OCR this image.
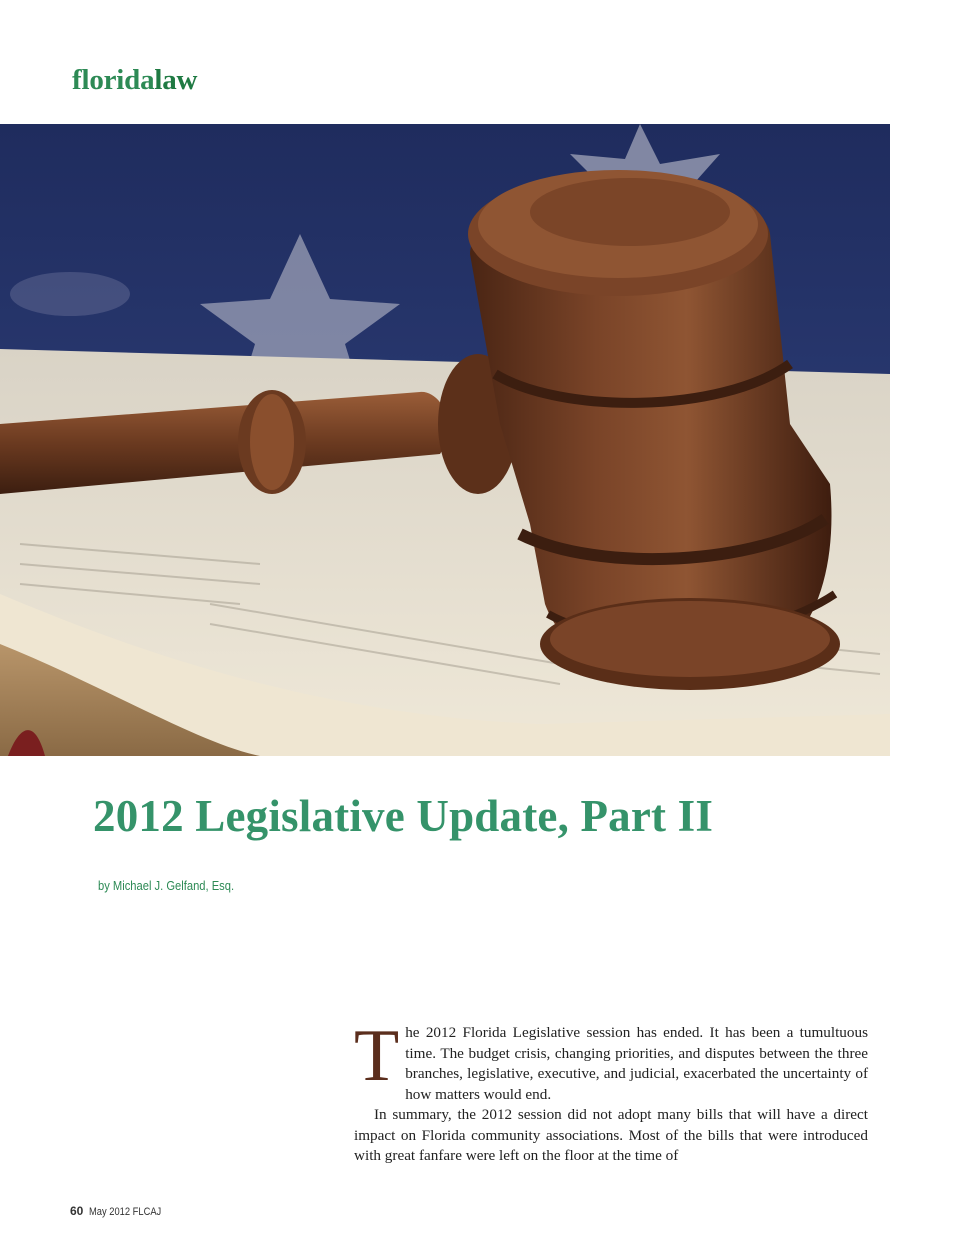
floridalaw
2012 Legislative Update, Part II
by Michael J. Gelfand, Esq.

The 2012 Florida Legislative session has ended. It has been a tumultuous time. The budget crisis, changing priorities, and disputes between the three branches, legislative, executive, and judicial, exacerbated the uncertainty of how matters would end.

In summary, the 2012 session did not adopt many bills that will have a direct impact on Florida community associations. Most of the bills that were introduced with great fanfare were left on the floor at the time of

60 May 2012 FLCAJ
